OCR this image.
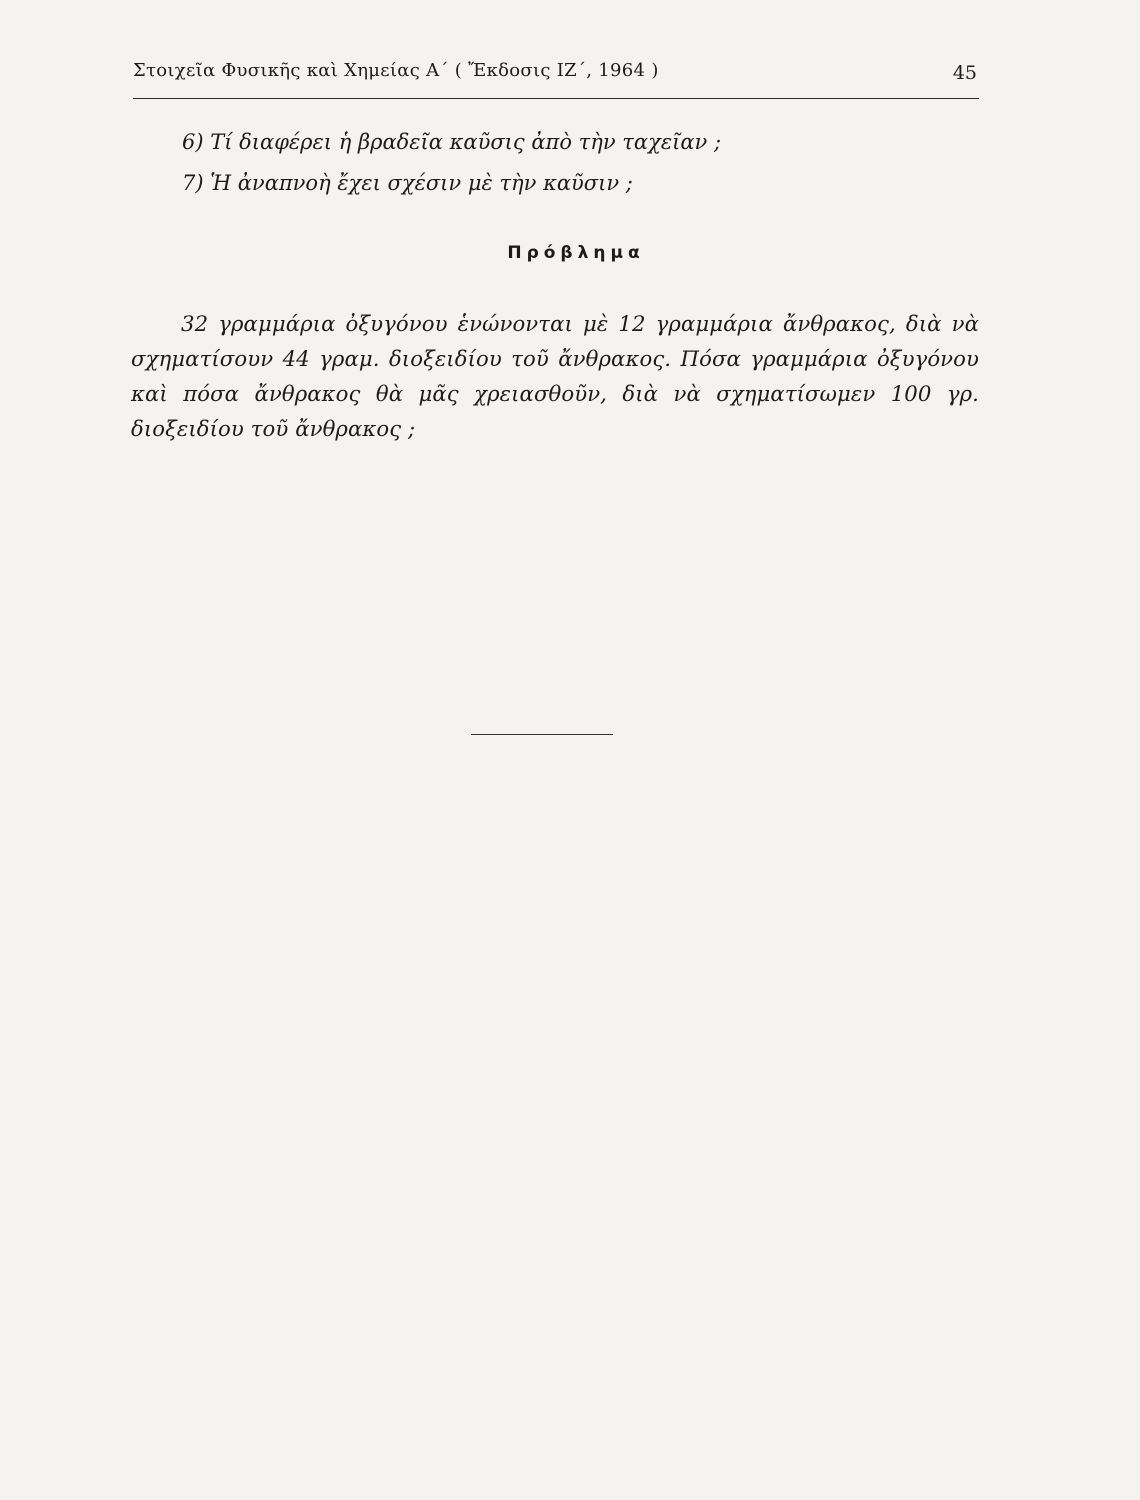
Στοιχεῖα Φυσικῆς καὶ Χημείας Α΄ ( Ἔκδοσις ΙΖ΄, 1964 )	45
6) Τί διαφέρει ἡ βραδεῖα καῦσις ἀπὸ τὴν ταχεῖαν ;
7) Ἡ ἀναπνοὴ ἔχει σχέσιν μὲ τὴν καῦσιν ;
Πρόβλημα
32 γραμμάρια ὀξυγόνου ἑνώνονται μὲ 12 γραμμάρια ἄνθρακος, διὰ νὰ σχηματίσουν 44 γραμ. διοξειδίου τοῦ ἄνθρακος. Πόσα γραμμάρια ὀξυγόνου καὶ πόσα ἄνθρακος θὰ μᾶς χρειασθοῦν, διὰ νὰ σχηματίσωμεν 100 γρ. διοξειδίου τοῦ ἄνθρακος ;
